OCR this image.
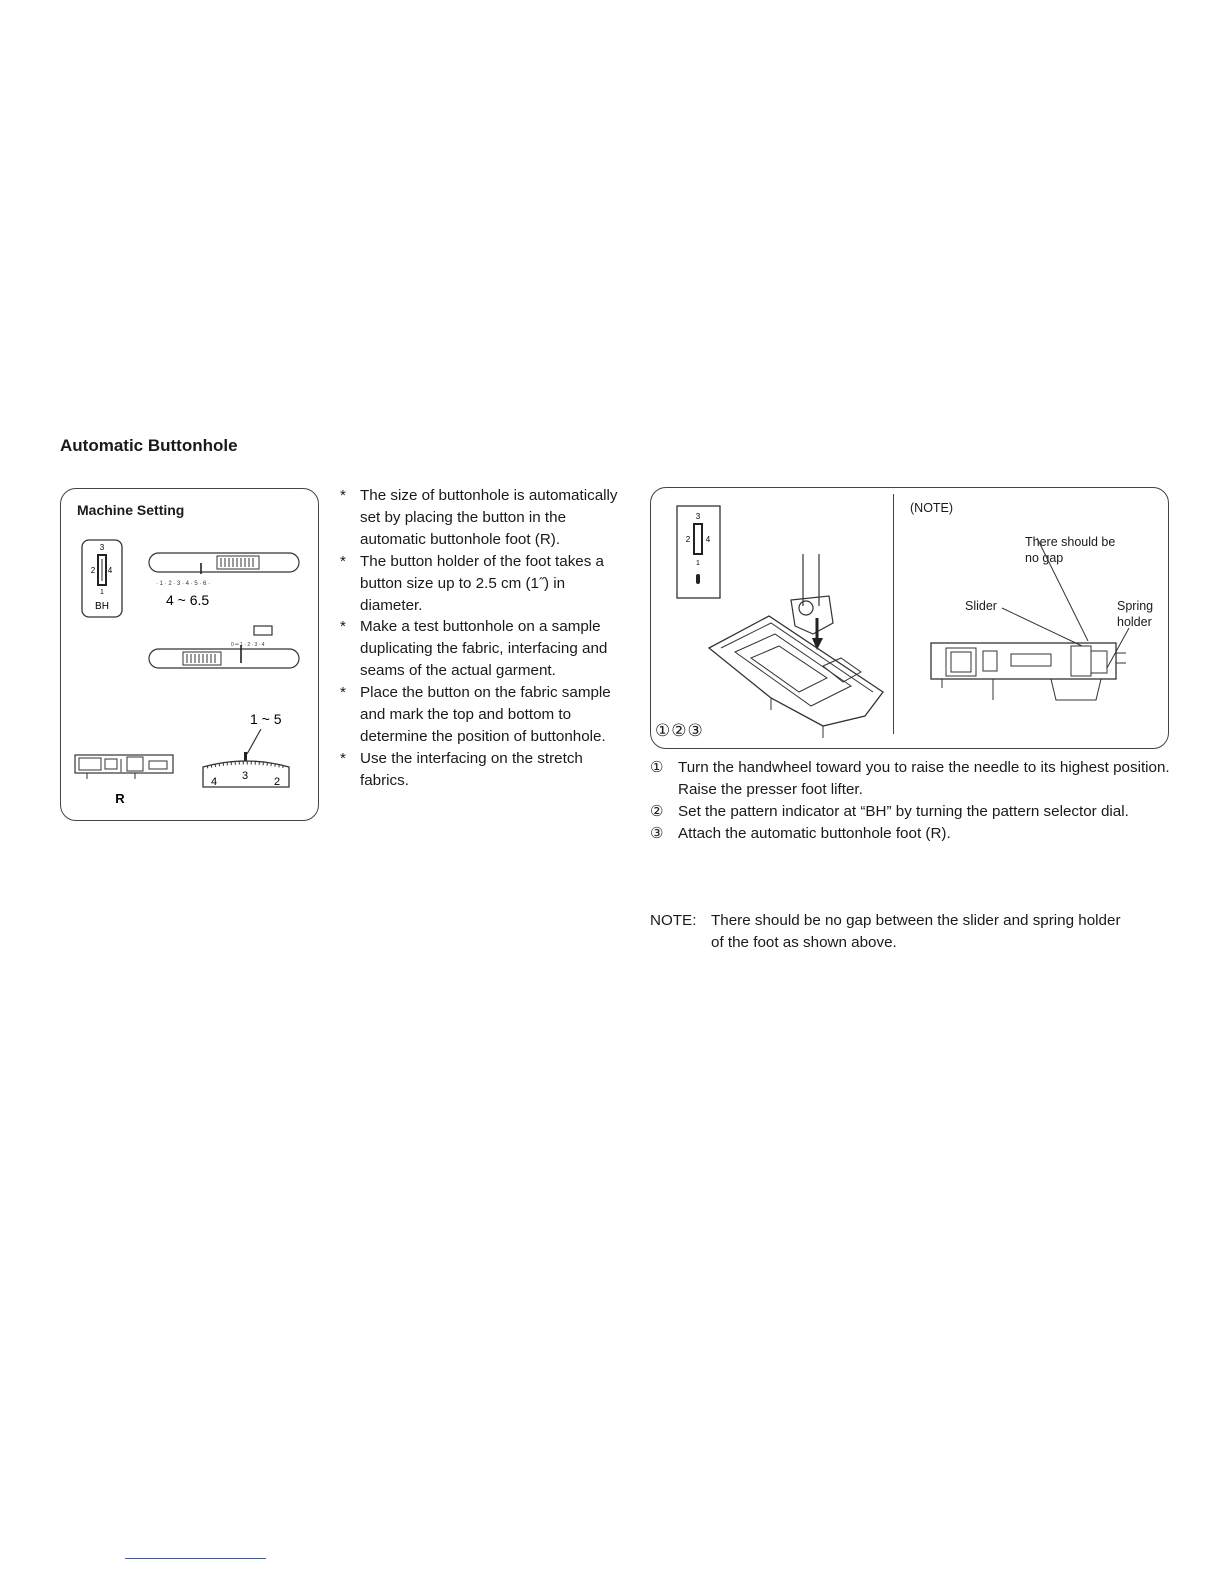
Automatic Buttonhole
Machine Setting
3
2 4
1
BH
· 1 · 2 · 3 · 4 · 5 · 6 ·
4 ~ 6.5
0 ═ 1 · 2 · 3 · 4
1 ~ 5
4 3 2
R
* The size of buttonhole is automatically set by placing the button in the automatic buttonhole foot (R).
* The button holder of the foot takes a button size up to 2.5 cm (1˝) in diameter.
* Make a test buttonhole on a sample duplicating the fabric, interfacing and seams of the actual garment.
* Place the button on the fabric sample and mark the top and bottom to determine the position of buttonhole.
* Use the interfacing on the stretch fabrics.
(NOTE)
There should be no gap
Slider	Spring holder
①②③
3
2 4
1
① Turn the handwheel toward you to raise the needle to its highest position.
Raise the presser foot lifter.
② Set the pattern indicator at “BH” by turning the pattern selector dial.
③ Attach the automatic buttonhole foot (R).
NOTE: There should be no gap between the slider and spring holder
of the foot as shown above.
